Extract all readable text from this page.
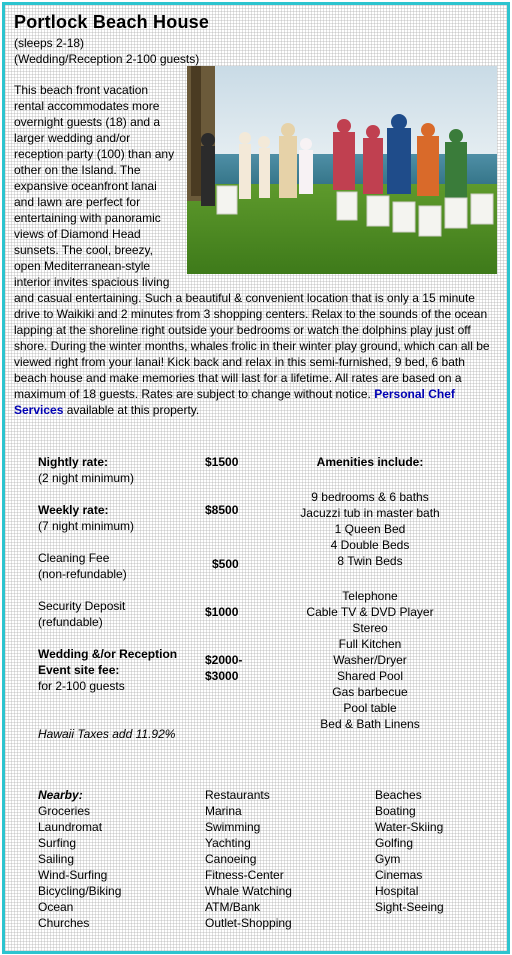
Portlock Beach House
(sleeps 2-18)
(Wedding/Reception 2-100 guests)
This beach front vacation rental accommodates more overnight guests (18) and a larger wedding and/or reception party (100) than any other on the Island. The expansive oceanfront lanai and lawn are perfect for entertaining with panoramic views of Diamond Head sunsets. The cool, breezy, open Mediterranean-style interior invites spacious living and casual entertaining. Such a beautiful & convenient location that is only a 15 minute drive to Waikiki and 2 minutes from 3 shopping centers. Relax to the sounds of the ocean lapping at the shoreline right outside your bedrooms or watch the dolphins play just off shore. During the winter months, whales frolic in their winter play ground, which can all be viewed right from your lanai! Kick back and relax in this semi-furnished, 9 bed, 6 bath beach house and make memories that will last for a lifetime. All rates are based on a maximum of 18 guests. Rates are subject to change without notice. Personal Chef Services available at this property.
Nightly rate:
(2 night minimum)
$1500
Weekly rate:
(7 night minimum)
$8500
Cleaning Fee
(non-refundable)
$500
Security Deposit
(refundable)
$1000
Wedding &/or Reception
Event site fee:
for 2-100 guests
$2000-
$3000
Hawaii Taxes add 11.92%
Amenities include:
9 bedrooms & 6 baths
Jacuzzi tub in master bath
1 Queen Bed
4 Double Beds
8 Twin Beds
Telephone
Cable TV & DVD Player
Stereo
Full Kitchen
Washer/Dryer
Shared Pool
Gas barbecue
Pool table
Bed & Bath Linens
Nearby:
Groceries
Laundromat
Surfing
Sailing
Wind-Surfing
Bicycling/Biking
Ocean
Churches
Restaurants
Marina
Swimming
Yachting
Canoeing
Fitness-Center
Whale Watching
ATM/Bank
Outlet-Shopping
Beaches
Boating
Water-Skiing
Golfing
Gym
Cinemas
Hospital
Sight-Seeing
